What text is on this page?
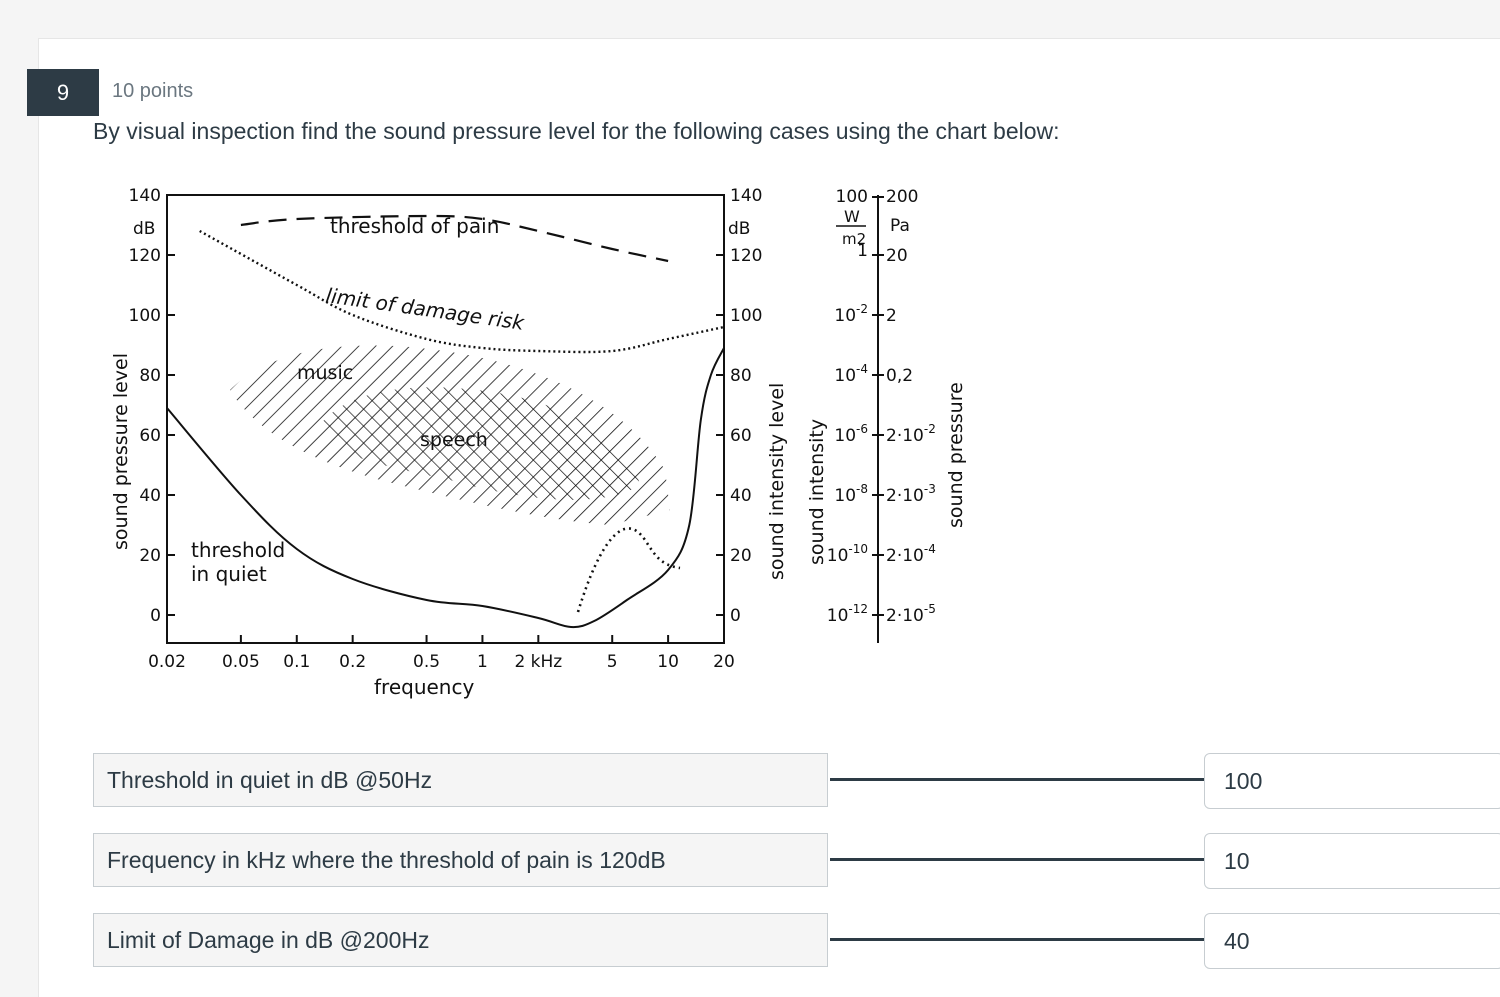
9	10 points
By visual inspection find the sound pressure level for the following cases using the chart below:
0
20
40
60
80
100
120
140
0
20
40
60
80
100
120
140
0.02 0.05 0.1 0.2	0.5 1 2 kHz	5 10 20
dB	dB
threshold of pain
limit of damage risk
music
speech
threshold
in quiet
frequency
sound pressure level	sound intensity level sound intensity	sound pressure
100
1
$10^{-2}$
$10^{-4}$
$10^{-6}$
$10^{-8}$
$10^{-10}$
$10^{-12}$
200
20
2
0,2
$2\cdot 10^{-2}$
$2\cdot 10^{-3}$
$2\cdot 10^{-4}$
$2\cdot 10^{-5}$
W
m2
Pa
Threshold in quiet in dB @50Hz	100
Frequency in kHz where the threshold of pain is 120dB	10
Limit of Damage in dB @200Hz	40
